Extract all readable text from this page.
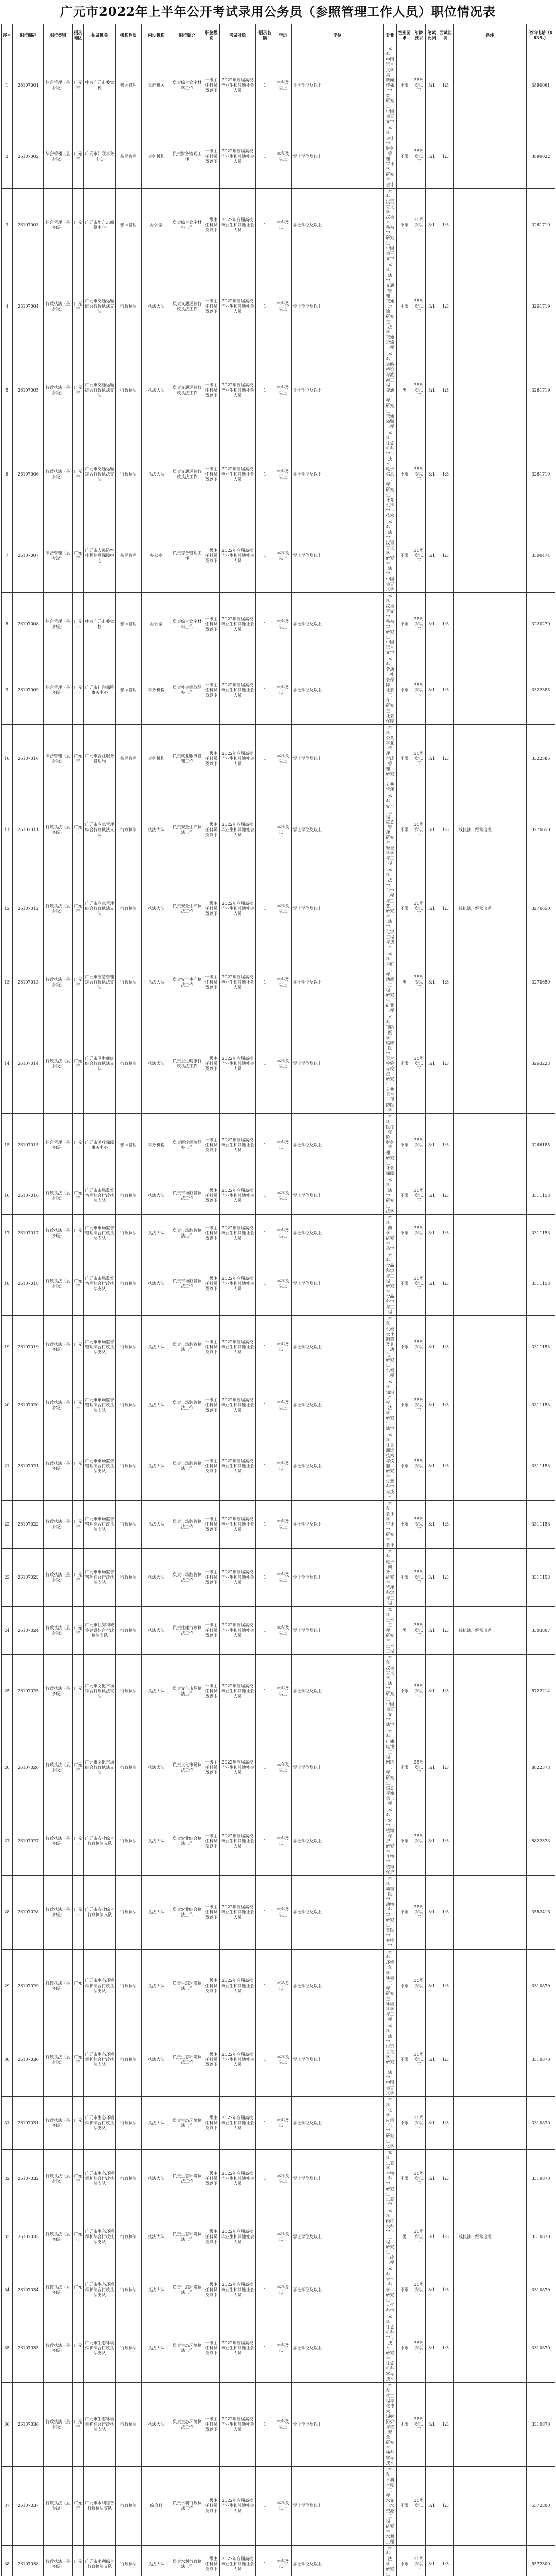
广元市2022年上半年公开考试录用公务员（参照管理工作人员）职位情况表
序号	职位编码	职位类别	招录地区	招录机关	机构性质	内设机构	职位简介	职位级别	考录对象	招录名额	学历	学位	专业	性别要求	年龄要求	笔试比例	面试比例	备注	咨询电话（0839-）
1	26107001	综合管理（县乡级）	广元市	中共广元市委党校	参照管理	党群机关	负责综合文字材料工作	一级主任科员及以下	2022年应届高校毕业生和其他社会人员	1	本科及以上	学士学位及以上	本科：中国语言文学类；新闻传播学类；研究生：中国语言文学	不限	35周岁以下	3:1	1:3		3890061
2	26107002	综合管理（县乡级）	广元市	广元市妇联事务中心	参照管理	事务机构	负责财务管理工作	一级主任科员及以下	2022年应届高校毕业生和其他社会人员	1	本科及以上	学士学位及以上	本科：会计学；财务管理；审计学；研究生：会计	不限	35周岁以下	3:1	1:3		3890022
3	26107003	综合管理（县乡级）	广元市	广元市地方志编纂中心	参照管理	办公室	负责综合文字材料工作	一级主任科员及以下	2022年应届高校毕业生和其他社会人员	1	本科及以上	学士学位及以上	本科：汉语言文学；汉语言；秘书学；研究生：中国语言文学	不限	35周岁以下	3:1	1:3		3261719
4	26107004	行政执法（县乡级）	广元市	广元市交通运输综合行政执法支队	行政执法	执法大队	负责交通运输行政执法工作	一级主任科员及以下	2022年应届高校毕业生和其他社会人员	1	本科及以上	学士学位及以上	本科：法学；交通管理；交通运输；研究生：法学；交通运输工程	不限	35周岁以下	3:1	1:3		3261719
5	26107005	行政执法（县乡级）	广元市	广元市交通运输综合行政执法支队	行政执法	执法大队	负责交通运输行政执法工作	一级主任科员及以下	2022年应届高校毕业生和其他社会人员	1	本科及以上	学士学位及以上	本科：道路桥梁与渡河工程；交通工程；研究生：交通运输工程	男	35周岁以下	3:1	1:3		3261719
6	26107006	行政执法（县乡级）	广元市	广元市交通运输综合行政执法支队	行政执法	执法大队	负责交通运输行政执法工作	一级主任科员及以下	2022年应届高校毕业生和其他社会人员	1	本科及以上	学士学位及以上	本科：计算机科学与技术；电子信息工程；研究生：计算机科学与技术	不限	35周岁以下	3:1	1:3		3261719
7	26107007	综合管理（县乡级）	广元市	广元市人民防空指挥信息保障中心	参照管理	办公室	负责综合管理工作	一级主任科员及以下	2022年应届高校毕业生和其他社会人员	1	本科及以上	学士学位及以上	本科：法学；汉语言文学；研究生：法学；中国语言文学	不限	35周岁以下	3:1	1:3		3300474
8	26107008	综合管理（县乡级）	广元市	中共广元市委党校	参照管理	办公室	负责综合文字材料工作	一级主任科员及以下	2022年应届高校毕业生和其他社会人员	1	本科及以上	学士学位及以上	本科：汉语言文学；秘书学；研究生：中国语言文学	不限	35周岁以下	3:1	1:3		3220270
9	26107009	综合管理（县乡级）	广元市	广元市社会保险事务中心	参照管理	事务机构	负责社会保险经办工作	一级主任科员及以下	2022年应届高校毕业生和其他社会人员	1	本科及以上	学士学位及以上	本科：劳动与社会保障；社会工作；研究生：社会保障	不限	35周岁以下	3:1	1:3		3322385
10	26107010	综合管理（县乡级）	广元市	广元市就业服务管理局	参照管理	事务机构	负责就业服务管理工作	一级主任科员及以下	2022年应届高校毕业生和其他社会人员	1	本科及以上	学士学位及以上	本科：公共事业管理；行政管理；研究生：公共管理	不限	35周岁以下	3:1	1:3		3322385
11	26107011	行政执法（县乡级）	广元市	广元市应急管理综合行政执法支队	行政执法	执法大队	负责安全生产执法工作	一级主任科员及以下	2022年应届高校毕业生和其他社会人员	1	本科及以上	学士学位及以上	本科：安全工程；应急管理；研究生：安全科学与工程	不限	35周岁以下	3:1	1:3	一线执法，经常出差	3270650
12	26107012	行政执法（县乡级）	广元市	广元市应急管理综合行政执法支队	行政执法	执法大队	负责安全生产执法工作	一级主任科员及以下	2022年应届高校毕业生和其他社会人员	1	本科及以上	学士学位及以上	本科：法学；化学工程与工艺；研究生：法学；化学工程与技术	不限	35周岁以下	3:1	1:3	一线执法，经常出差	3270650
13	26107013	行政执法（县乡级）	广元市	广元市应急管理综合行政执法支队	行政执法	执法大队	负责安全生产执法工作	一级主任科员及以下	2022年应届高校毕业生和其他社会人员	1	本科及以上	学士学位及以上	本科：采矿工程；地质工程；研究生：矿业工程	男	35周岁以下	3:1	1:3		3270650
14	26107014	行政执法（县乡级）	广元市	广元市卫生健康综合行政执法支队	行政执法	执法大队	负责卫生健康行政执法工作	一级主任科员及以下	2022年应届高校毕业生和其他社会人员	1	本科及以上	学士学位及以上	本科：预防医学；临床医学；卫生检验与检疫；研究生：公共卫生与预防医学	不限	35周岁以下	3:1	1:3		3263223
15	26107015	综合管理（县乡级）	广元市	广元市医疗保障事务中心	参照管理	事务机构	负责医疗保障经办工作	一级主任科员及以下	2022年应届高校毕业生和其他社会人员	1	本科及以上	学士学位及以上	本科：医疗保险；财务管理；研究生：社会保障	不限	35周岁以下	3:1	1:3		3266185
16	26107016	行政执法（县乡级）	广元市	广元市市场监督管理综合行政执法支队	行政执法	执法大队	负责市场监管执法工作	一级主任科员及以下	2022年应届高校毕业生和其他社会人员	1	本科及以上	学士学位及以上	本科：法学；研究生：法学	不限	35周岁以下	3:1	1:3		3311153
17	26107017	行政执法（县乡级）	广元市	广元市市场监督管理综合行政执法支队	行政执法	执法大队	负责市场监管执法工作	一级主任科员及以下	2022年应届高校毕业生和其他社会人员	1	本科及以上	学士学位及以上	本科：药学；研究生：药学	不限	35周岁以下	3:1	1:3		3311153
18	26107018	行政执法（县乡级）	广元市	广元市市场监督管理综合行政执法支队	行政执法	执法大队	负责市场监管执法工作	一级主任科员及以下	2022年应届高校毕业生和其他社会人员	1	本科及以上	学士学位及以上	本科：食品科学与工程；研究生：食品科学与工程	不限	35周岁以下	3:1	1:3		3311153
19	26107019	行政执法（县乡级）	广元市	广元市市场监督管理综合行政执法支队	行政执法	执法大队	负责市场监管执法工作	一级主任科员及以下	2022年应届高校毕业生和其他社会人员	1	本科及以上	学士学位及以上	本科：机械设计制造及其自动化；研究生：机械工程	不限	35周岁以下	3:1	1:3		3311153
20	26107020	行政执法（县乡级）	广元市	广元市市场监督管理综合行政执法支队	行政执法	执法大队	负责市场监管执法工作	一级主任科员及以下	2022年应届高校毕业生和其他社会人员	1	本科及以上	学士学位及以上	本科：知识产权；法学；研究生：法学	不限	35周岁以下	3:1	1:3		3311153
21	26107021	行政执法（县乡级）	广元市	广元市市场监督管理综合行政执法支队	行政执法	执法大队	负责市场监管执法工作	一级主任科员及以下	2022年应届高校毕业生和其他社会人员	1	本科及以上	学士学位及以上	本科：计量测试技术与仪器；研究生：仪器科学与技术	不限	35周岁以下	3:1	1:3		3311153
22	26107022	行政执法（县乡级）	广元市	广元市市场监督管理综合行政执法支队	行政执法	执法大队	负责市场监管执法工作	一级主任科员及以下	2022年应届高校毕业生和其他社会人员	1	本科及以上	学士学位及以上	本科：会计学；审计学；研究生：会计	不限	35周岁以下	3:1	1:3		3311153
23	26107023	行政执法（县乡级）	广元市	广元市市场监督管理综合行政执法支队	行政执法	执法大队	负责市场监管执法工作	一级主任科员及以下	2022年应届高校毕业生和其他社会人员	1	本科及以上	学士学位及以上	本科：电子商务；研究生：管理科学与工程	不限	35周岁以下	3:1	1:3		3311153
24	26107024	行政执法（县乡级）	广元市	广元市住房和城乡建设综合行政执法支队	行政执法	执法大队	负责住建行政执法工作	一级主任科员及以下	2022年应届高校毕业生和其他社会人员	1	本科及以上	学士学位及以上	本科：土木工程；研究生：土木工程	男	35周岁以下	3:1	1:3	一线执法，经常出差	3303807
25	26107025	行政执法（县乡级）	广元市	广元市文化市场综合行政执法支队	行政执法	执法大队	负责文化市场执法工作	一级主任科员及以下	2022年应届高校毕业生和其他社会人员	1	本科及以上	学士学位及以上	本科：汉语言文学；法学；研究生：中国语言文学；法学	不限	35周岁以下	3:1	1:3		8722214
26	26107026	行政执法（县乡级）	广元市	广元市文化市场综合行政执法支队	行政执法	执法大队	负责文化市场执法工作	一级主任科员及以下	2022年应届高校毕业生和其他社会人员	1	本科及以上	学士学位及以上	本科：广播电视工程；网络工程；研究生：信息与通信工程	不限	35周岁以下	3:1	1:3		8822373
27	26107027	行政执法（县乡级）	广元市	广元市农业综合行政执法支队	行政执法	执法大队	负责农业综合执法工作	一级主任科员及以下	2022年应届高校毕业生和其他社会人员	1	本科及以上	学士学位及以上	本科：农学；植物保护；研究生：作物学；植物保护	不限	35周岁以下	3:1	1:3		8822373
28	26107028	行政执法（县乡级）	广元市	广元市农业综合行政执法支队	行政执法	执法大队	负责农业综合执法工作	一级主任科员及以下	2022年应届高校毕业生和其他社会人员	1	本科及以上	学士学位及以上	本科：动物医学；动物科学；研究生：兽医学；畜牧学	不限	35周岁以下	3:1	1:3		3582416
29	26107029	行政执法（县乡级）	广元市	广元市生态环境保护综合行政执法支队	行政执法	执法大队	负责生态环境执法工作	一级主任科员及以下	2022年应届高校毕业生和其他社会人员	1	本科及以上	学士学位及以上	本科：环境科学；环境工程；研究生：环境科学与工程	不限	35周岁以下	3:1	1:3		3310870
30	26107030	行政执法（县乡级）	广元市	广元市生态环境保护综合行政执法支队	行政执法	执法大队	负责生态环境执法工作	一级主任科员及以下	2022年应届高校毕业生和其他社会人员	1	本科及以上	学士学位及以上	本科：法学；汉语言文学；研究生：法学；中国语言文学	不限	35周岁以下	3:1	1:3		3310870
31	26107031	行政执法（县乡级）	广元市	广元市生态环境保护综合行政执法支队	行政执法	执法大队	负责生态环境执法工作	一级主任科员及以下	2022年应届高校毕业生和其他社会人员	1	本科及以上	学士学位及以上	本科：化学；应用化学；研究生：化学	不限	35周岁以下	3:1	1:3		3310870
32	26107032	行政执法（县乡级）	广元市	广元市生态环境保护综合行政执法支队	行政执法	执法大队	负责生态环境执法工作	一级主任科员及以下	2022年应届高校毕业生和其他社会人员	1	本科及以上	学士学位及以上	本科：生态学；生物科学；研究生：生态学	不限	35周岁以下	3:1	1:3		3310870
33	26107033	行政执法（县乡级）	广元市	广元市生态环境保护综合行政执法支队	行政执法	执法大队	负责生态环境执法工作	一级主任科员及以下	2022年应届高校毕业生和其他社会人员	1	本科及以上	学士学位及以上	本科：给排水科学与工程；研究生：市政工程	男	35周岁以下	3:1	1:3	一线执法，经常出差	3310870
34	26107034	行政执法（县乡级）	广元市	广元市生态环境保护综合行政执法支队	行政执法	执法大队	负责生态环境执法工作	一级主任科员及以下	2022年应届高校毕业生和其他社会人员	1	本科及以上	学士学位及以上	本科：大气科学；研究生：大气科学	不限	35周岁以下	3:1	1:3		3310870
35	26107035	行政执法（县乡级）	广元市	广元市生态环境保护综合行政执法支队	行政执法	执法大队	负责生态环境执法工作	一级主任科员及以下	2022年应届高校毕业生和其他社会人员	1	本科及以上	学士学位及以上	本科：计算机科学与技术；研究生：计算机科学与技术	不限	35周岁以下	3:1	1:3		3310870
36	26107036	行政执法（县乡级）	广元市	广元市生态环境保护综合行政执法支队	行政执法	执法大队	负责生态环境执法工作	一级主任科员及以下	2022年应届高校毕业生和其他社会人员	1	本科及以上	学士学位及以上	本科：核工程与核技术；辐射防护与核安全；研究生：核科学与技术	不限	35周岁以下	3:1	1:3		3310870
37	26107037	行政执法（县乡级）	广元市	广元市水利综合行政执法支队	行政执法	综合科	负责水利行政执法工作	一级主任科员及以下	2022年应届高校毕业生和其他社会人员	1	本科及以上	学士学位及以上	本科：水利水电工程；水文与水资源工程；研究生：水利工程	不限	35周岁以下	3:1	1:3		5572300
38	26107038	行政执法（县乡级）	广元市	广元市水利综合行政执法支队	行政执法	执法大队	负责水利行政执法工作	一级主任科员及以下	2022年应届高校毕业生和其他社会人员	1	本科及以上	学士学位及以上	本科：法学；研究生：	不限	35周岁以下	3:1	1:3		5572300
